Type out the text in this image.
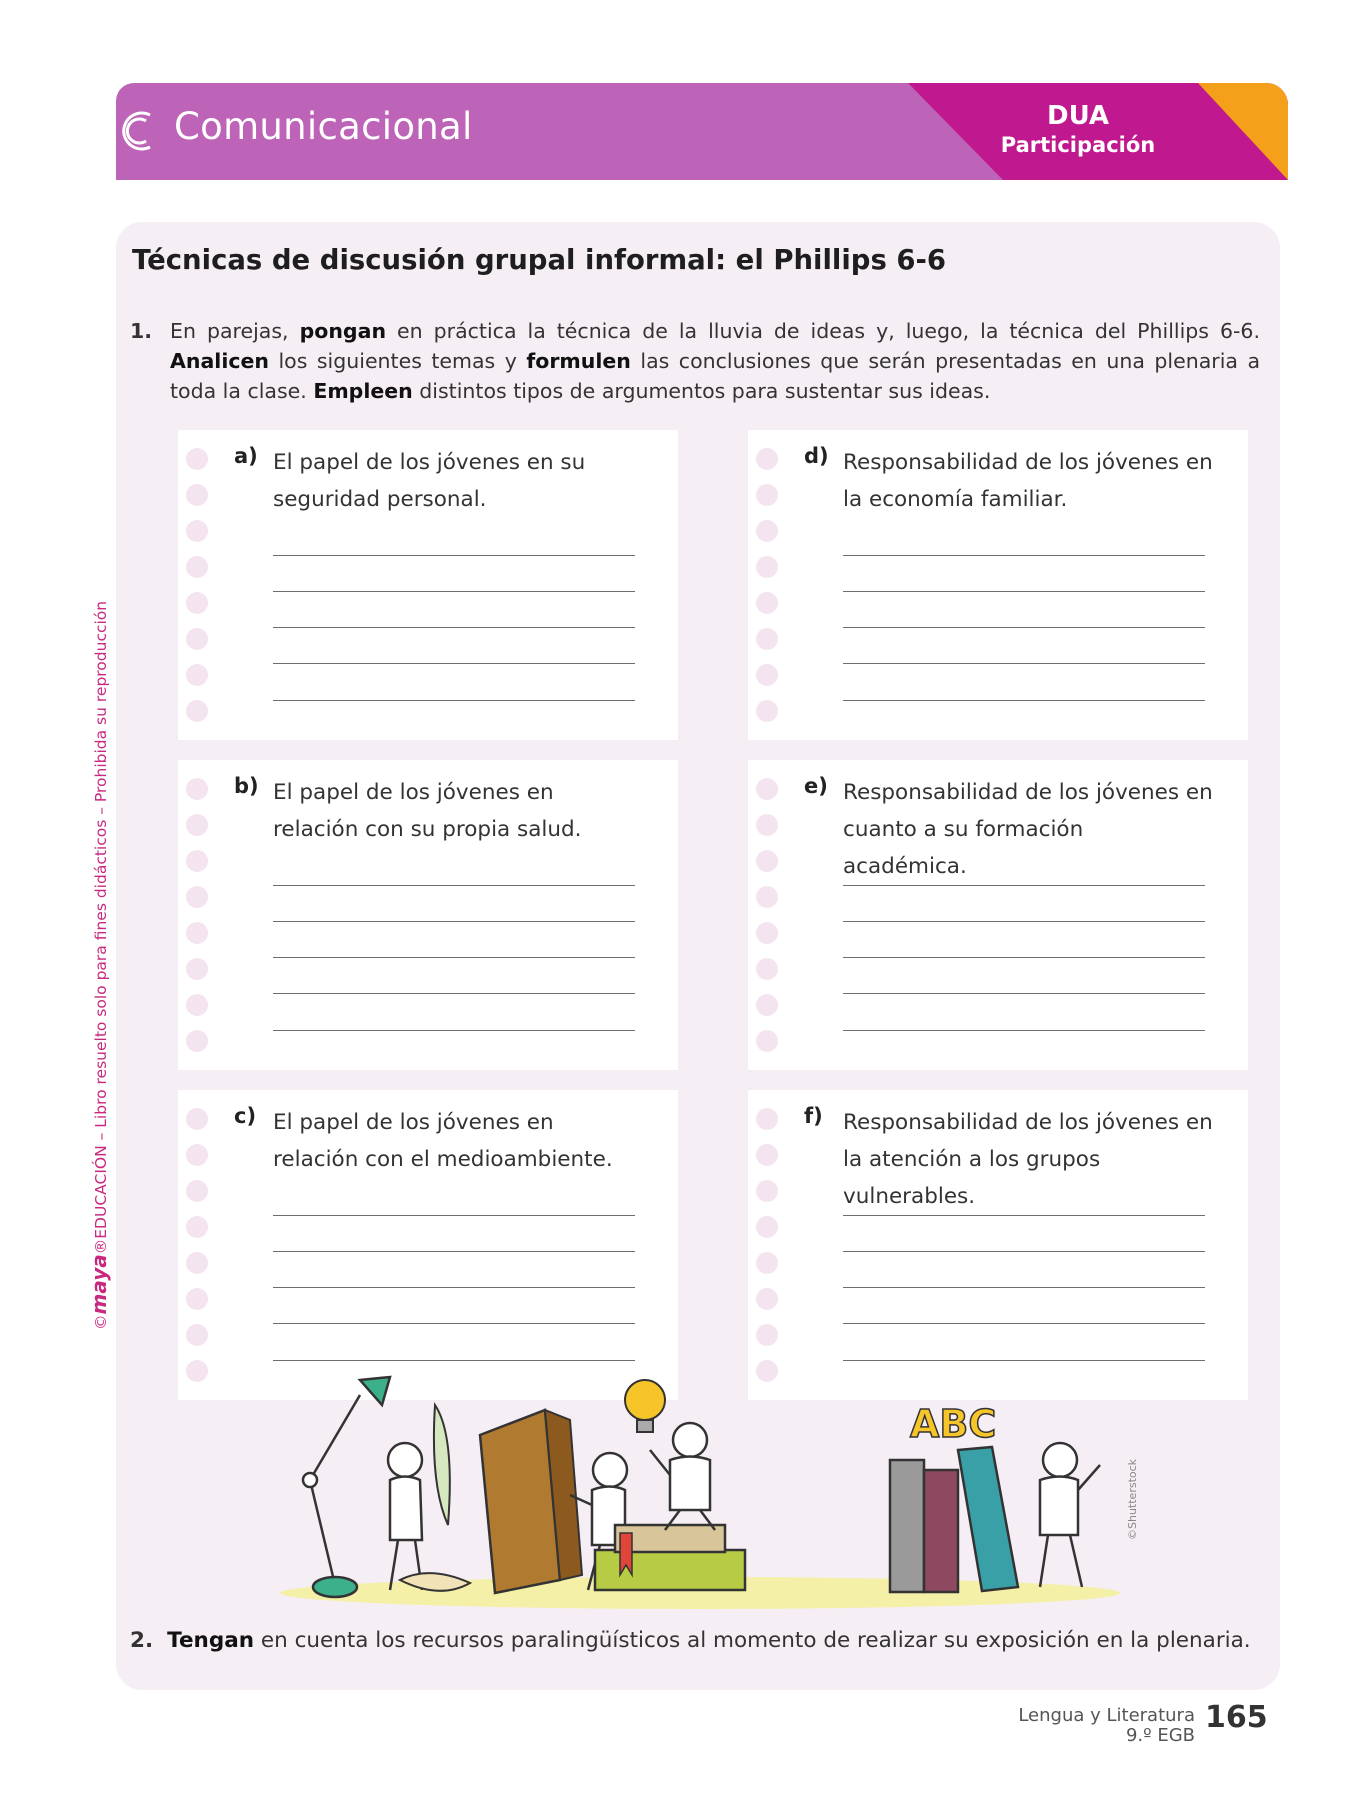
Comunicacional	DUA
Participación
©maya®EDUCACIÓN – Libro resuelto solo para fines didácticos – Prohibida su reproducción
Técnicas de discusión grupal informal: el Phillips 6-6
1. En parejas, pongan en práctica la técnica de la lluvia de ideas y, luego, la técnica del Phillips 6-6. Analicen los siguientes temas y formulen las conclusiones que serán presentadas en una plenaria a toda la clase. Empleen distintos tipos de argumentos para sustentar sus ideas.
a) El papel de los jóvenes en su seguridad personal.
b) El papel de los jóvenes en relación con su propia salud.
c) El papel de los jóvenes en relación con el medioambiente.
d) Responsabilidad de los jóvenes en la economía familiar.
e) Responsabilidad de los jóvenes en cuanto a su formación académica.
f) Responsabilidad de los jóvenes en la atención a los grupos vulnerables.
ABC
©Shutterstock
2. Tengan en cuenta los recursos paralingüísticos al momento de realizar su exposición en la plenaria.
Lengua y Literatura
9.º EGB
165
